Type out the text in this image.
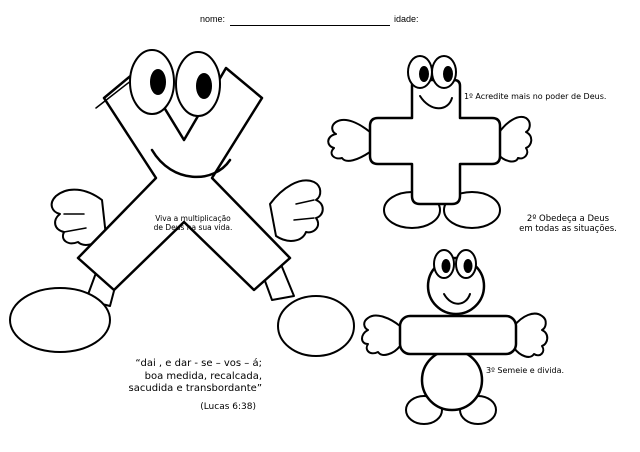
nome:	idade:
Viva a multiplicação
de Deus na sua vida.
1º Acredite mais no poder de Deus.
2º Obedeça a Deus
em todas as situações.
3º Semeie e divida.
“dai , e dar - se – vos – á;
boa medida, recalcada,
sacudida e transbordante”
(Lucas 6:38)
